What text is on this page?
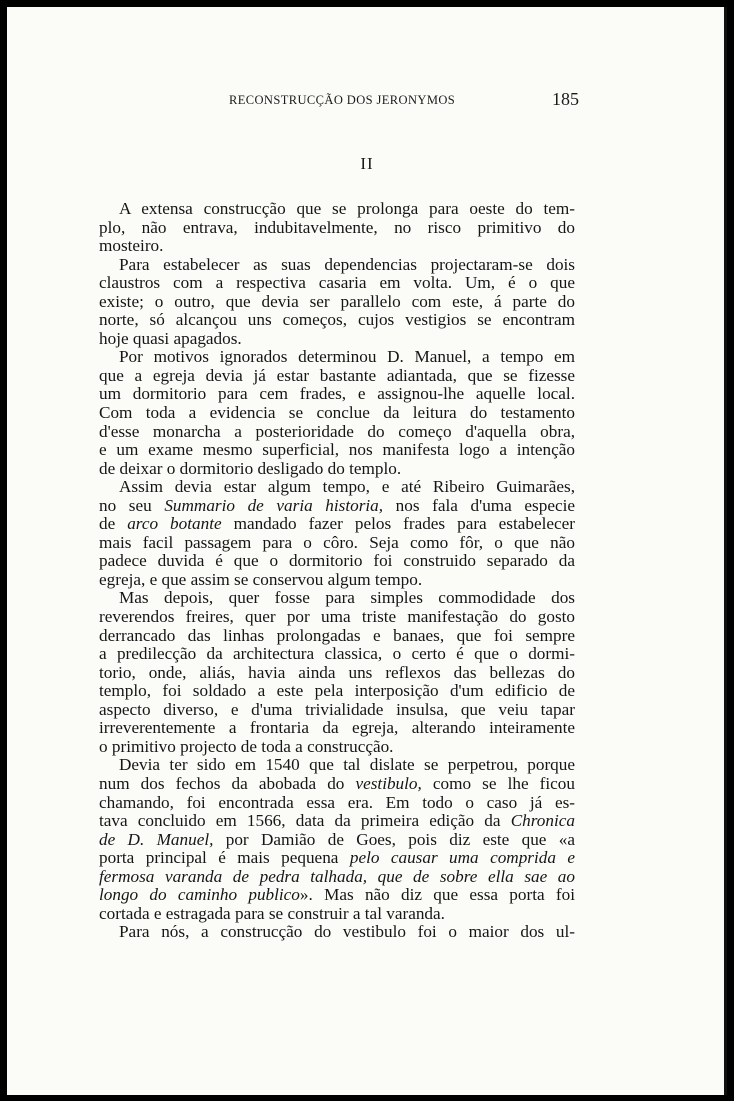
RECONSTRUCÇÃO DOS JERONYMOS	185
II
A extensa construcção que se prolonga para oeste do tem-
plo, não entrava, indubitavelmente, no risco primitivo do
mosteiro.
Para estabelecer as suas dependencias projectaram-se dois
claustros com a respectiva casaria em volta. Um, é o que
existe; o outro, que devia ser parallelo com este, á parte do
norte, só alcançou uns começos, cujos vestigios se encontram
hoje quasi apagados.
Por motivos ignorados determinou D. Manuel, a tempo em
que a egreja devia já estar bastante adiantada, que se fizesse
um dormitorio para cem frades, e assignou-lhe aquelle local.
Com toda a evidencia se conclue da leitura do testamento
d'esse monarcha a posterioridade do começo d'aquella obra,
e um exame mesmo superficial, nos manifesta logo a intenção
de deixar o dormitorio desligado do templo.
Assim devia estar algum tempo, e até Ribeiro Guimarães,
no seu Summario de varia historia, nos fala d'uma especie
de arco botante mandado fazer pelos frades para estabelecer
mais facil passagem para o côro. Seja como fôr, o que não
padece duvida é que o dormitorio foi construido separado da
egreja, e que assim se conservou algum tempo.
Mas depois, quer fosse para simples commodidade dos
reverendos freires, quer por uma triste manifestação do gosto
derrancado das linhas prolongadas e banaes, que foi sempre
a predilecção da architectura classica, o certo é que o dormi-
torio, onde, aliás, havia ainda uns reflexos das bellezas do
templo, foi soldado a este pela interposição d'um edificio de
aspecto diverso, e d'uma trivialidade insulsa, que veiu tapar
irreverentemente a frontaria da egreja, alterando inteiramente
o primitivo projecto de toda a construcção.
Devia ter sido em 1540 que tal dislate se perpetrou, porque
num dos fechos da abobada do vestibulo, como se lhe ficou
chamando, foi encontrada essa era. Em todo o caso já es-
tava concluido em 1566, data da primeira edição da Chronica
de D. Manuel, por Damião de Goes, pois diz este que «a
porta principal é mais pequena pelo causar uma comprida e
fermosa varanda de pedra talhada, que de sobre ella sae ao
longo do caminho publico». Mas não diz que essa porta foi
cortada e estragada para se construir a tal varanda.
Para nós, a construcção do vestibulo foi o maior dos ul-
